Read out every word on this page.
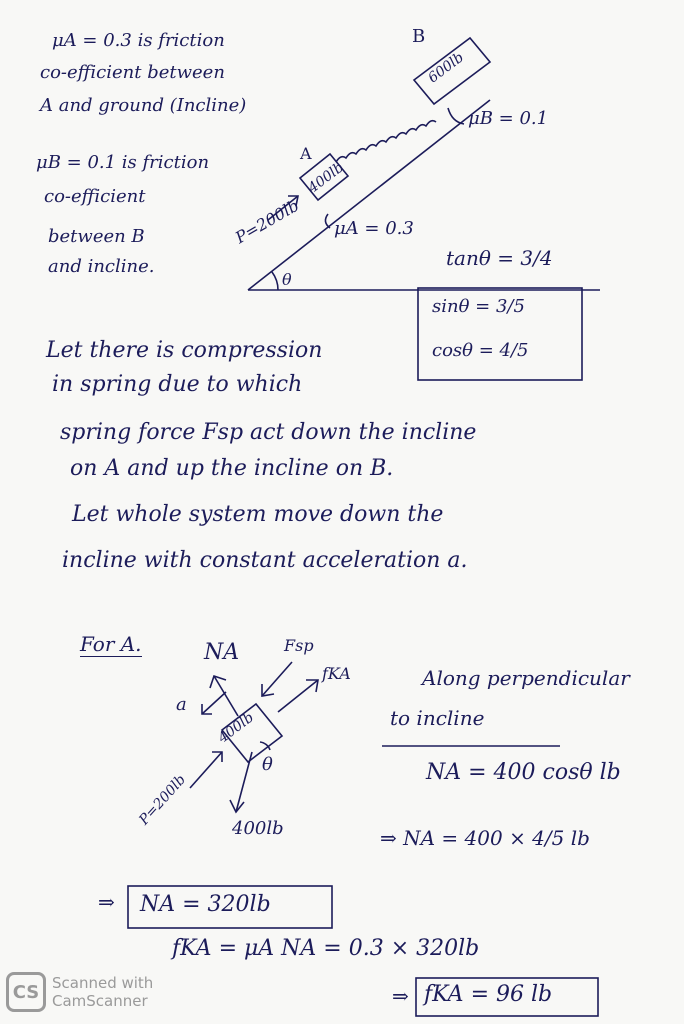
μA = 0.3 is friction
co-efficient between
A and ground (Incline)
μB = 0.1 is friction
co-efficient
between B
and incline.
B
600lb
400lb
A
μB = 0.1
μA = 0.3
P=200lb
θ
tanθ = 3/4
sinθ = 3/5
cosθ = 4/5
Let there is compression
in spring due to which
spring force Fsp act down the incline
on A and up the incline on B.
Let whole system move down the
incline with constant acceleration a.
For A.	NA	Fsp
fKA
a
400lb
P=200lb
θ
400lb
Along perpendicular
to incline
NA = 400 cosθ lb
⇒ NA = 400 × 4/5 lb
⇒ NA = 320lb
fKA = μA NA = 0.3 × 320lb
⇒ fKA = 96 lb
CS Scanned with
CamScanner
